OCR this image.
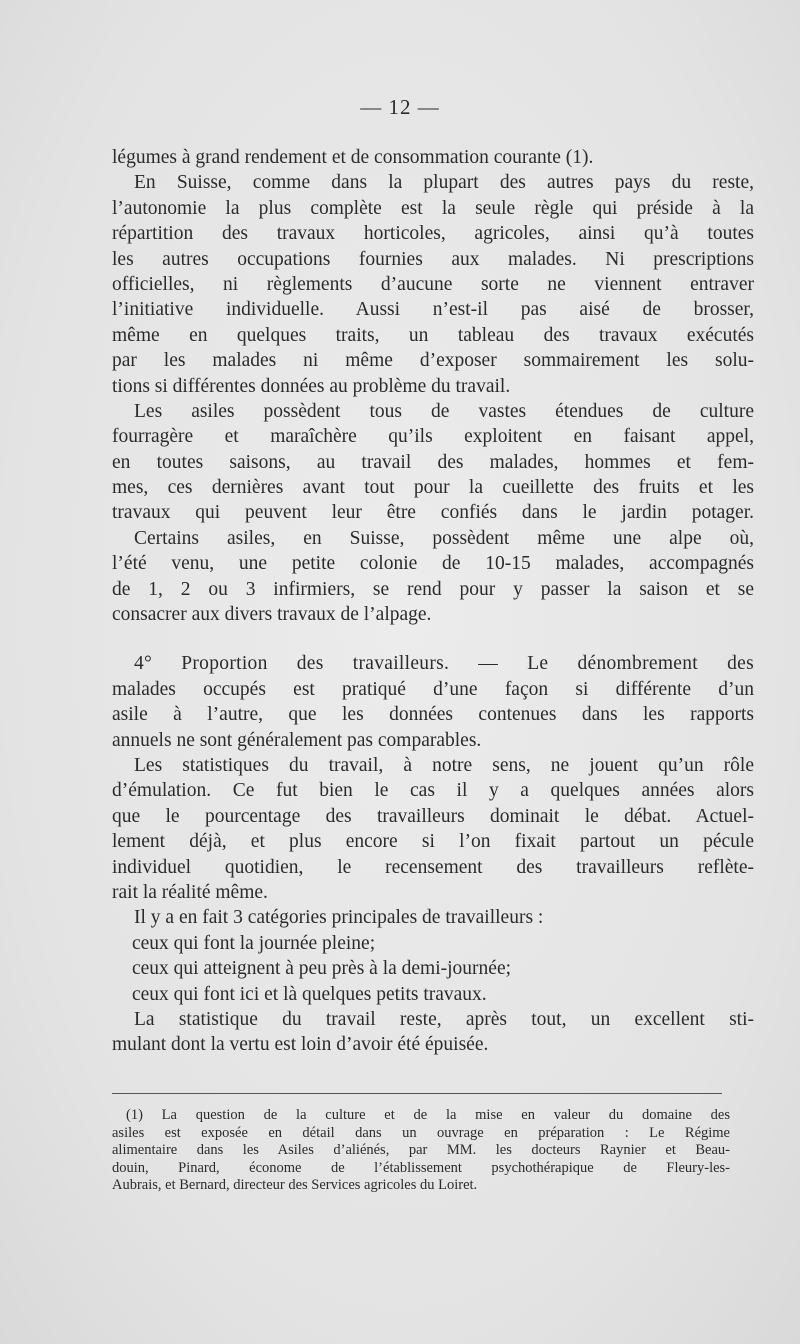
— 12 —
légumes à grand rendement et de consommation courante (1).
En Suisse, comme dans la plupart des autres pays du reste,
l’autonomie la plus complète est la seule règle qui préside à la
répartition des travaux horticoles, agricoles, ainsi qu’à toutes
les autres occupations fournies aux malades. Ni prescriptions
officielles, ni règlements d’aucune sorte ne viennent entraver
l’initiative individuelle. Aussi n’est-il pas aisé de brosser,
même en quelques traits, un tableau des travaux exécutés
par les malades ni même d’exposer sommairement les solu-
tions si différentes données au problème du travail.
Les asiles possèdent tous de vastes étendues de culture
fourragère et maraîchère qu’ils exploitent en faisant appel,
en toutes saisons, au travail des malades, hommes et fem-
mes, ces dernières avant tout pour la cueillette des fruits et les
travaux qui peuvent leur être confiés dans le jardin potager.
Certains asiles, en Suisse, possèdent même une alpe où,
l’été venu, une petite colonie de 10-15 malades, accompagnés
de 1, 2 ou 3 infirmiers, se rend pour y passer la saison et se
consacrer aux divers travaux de l’alpage.
4° Proportion des travailleurs. — Le dénombrement des
malades occupés est pratiqué d’une façon si différente d’un
asile à l’autre, que les données contenues dans les rapports
annuels ne sont généralement pas comparables.
Les statistiques du travail, à notre sens, ne jouent qu’un rôle
d’émulation. Ce fut bien le cas il y a quelques années alors
que le pourcentage des travailleurs dominait le débat. Actuel-
lement déjà, et plus encore si l’on fixait partout un pécule
individuel quotidien, le recensement des travailleurs reflète-
rait la réalité même.
Il y a en fait 3 catégories principales de travailleurs :
ceux qui font la journée pleine;
ceux qui atteignent à peu près à la demi-journée;
ceux qui font ici et là quelques petits travaux.
La statistique du travail reste, après tout, un excellent sti-
mulant dont la vertu est loin d’avoir été épuisée.
(1) La question de la culture et de la mise en valeur du domaine des
asiles est exposée en détail dans un ouvrage en préparation : Le Régime
alimentaire dans les Asiles d’aliénés, par MM. les docteurs Raynier et Beau-
douin, Pinard, économe de l’établissement psychothérapique de Fleury-les-
Aubrais, et Bernard, directeur des Services agricoles du Loiret.
